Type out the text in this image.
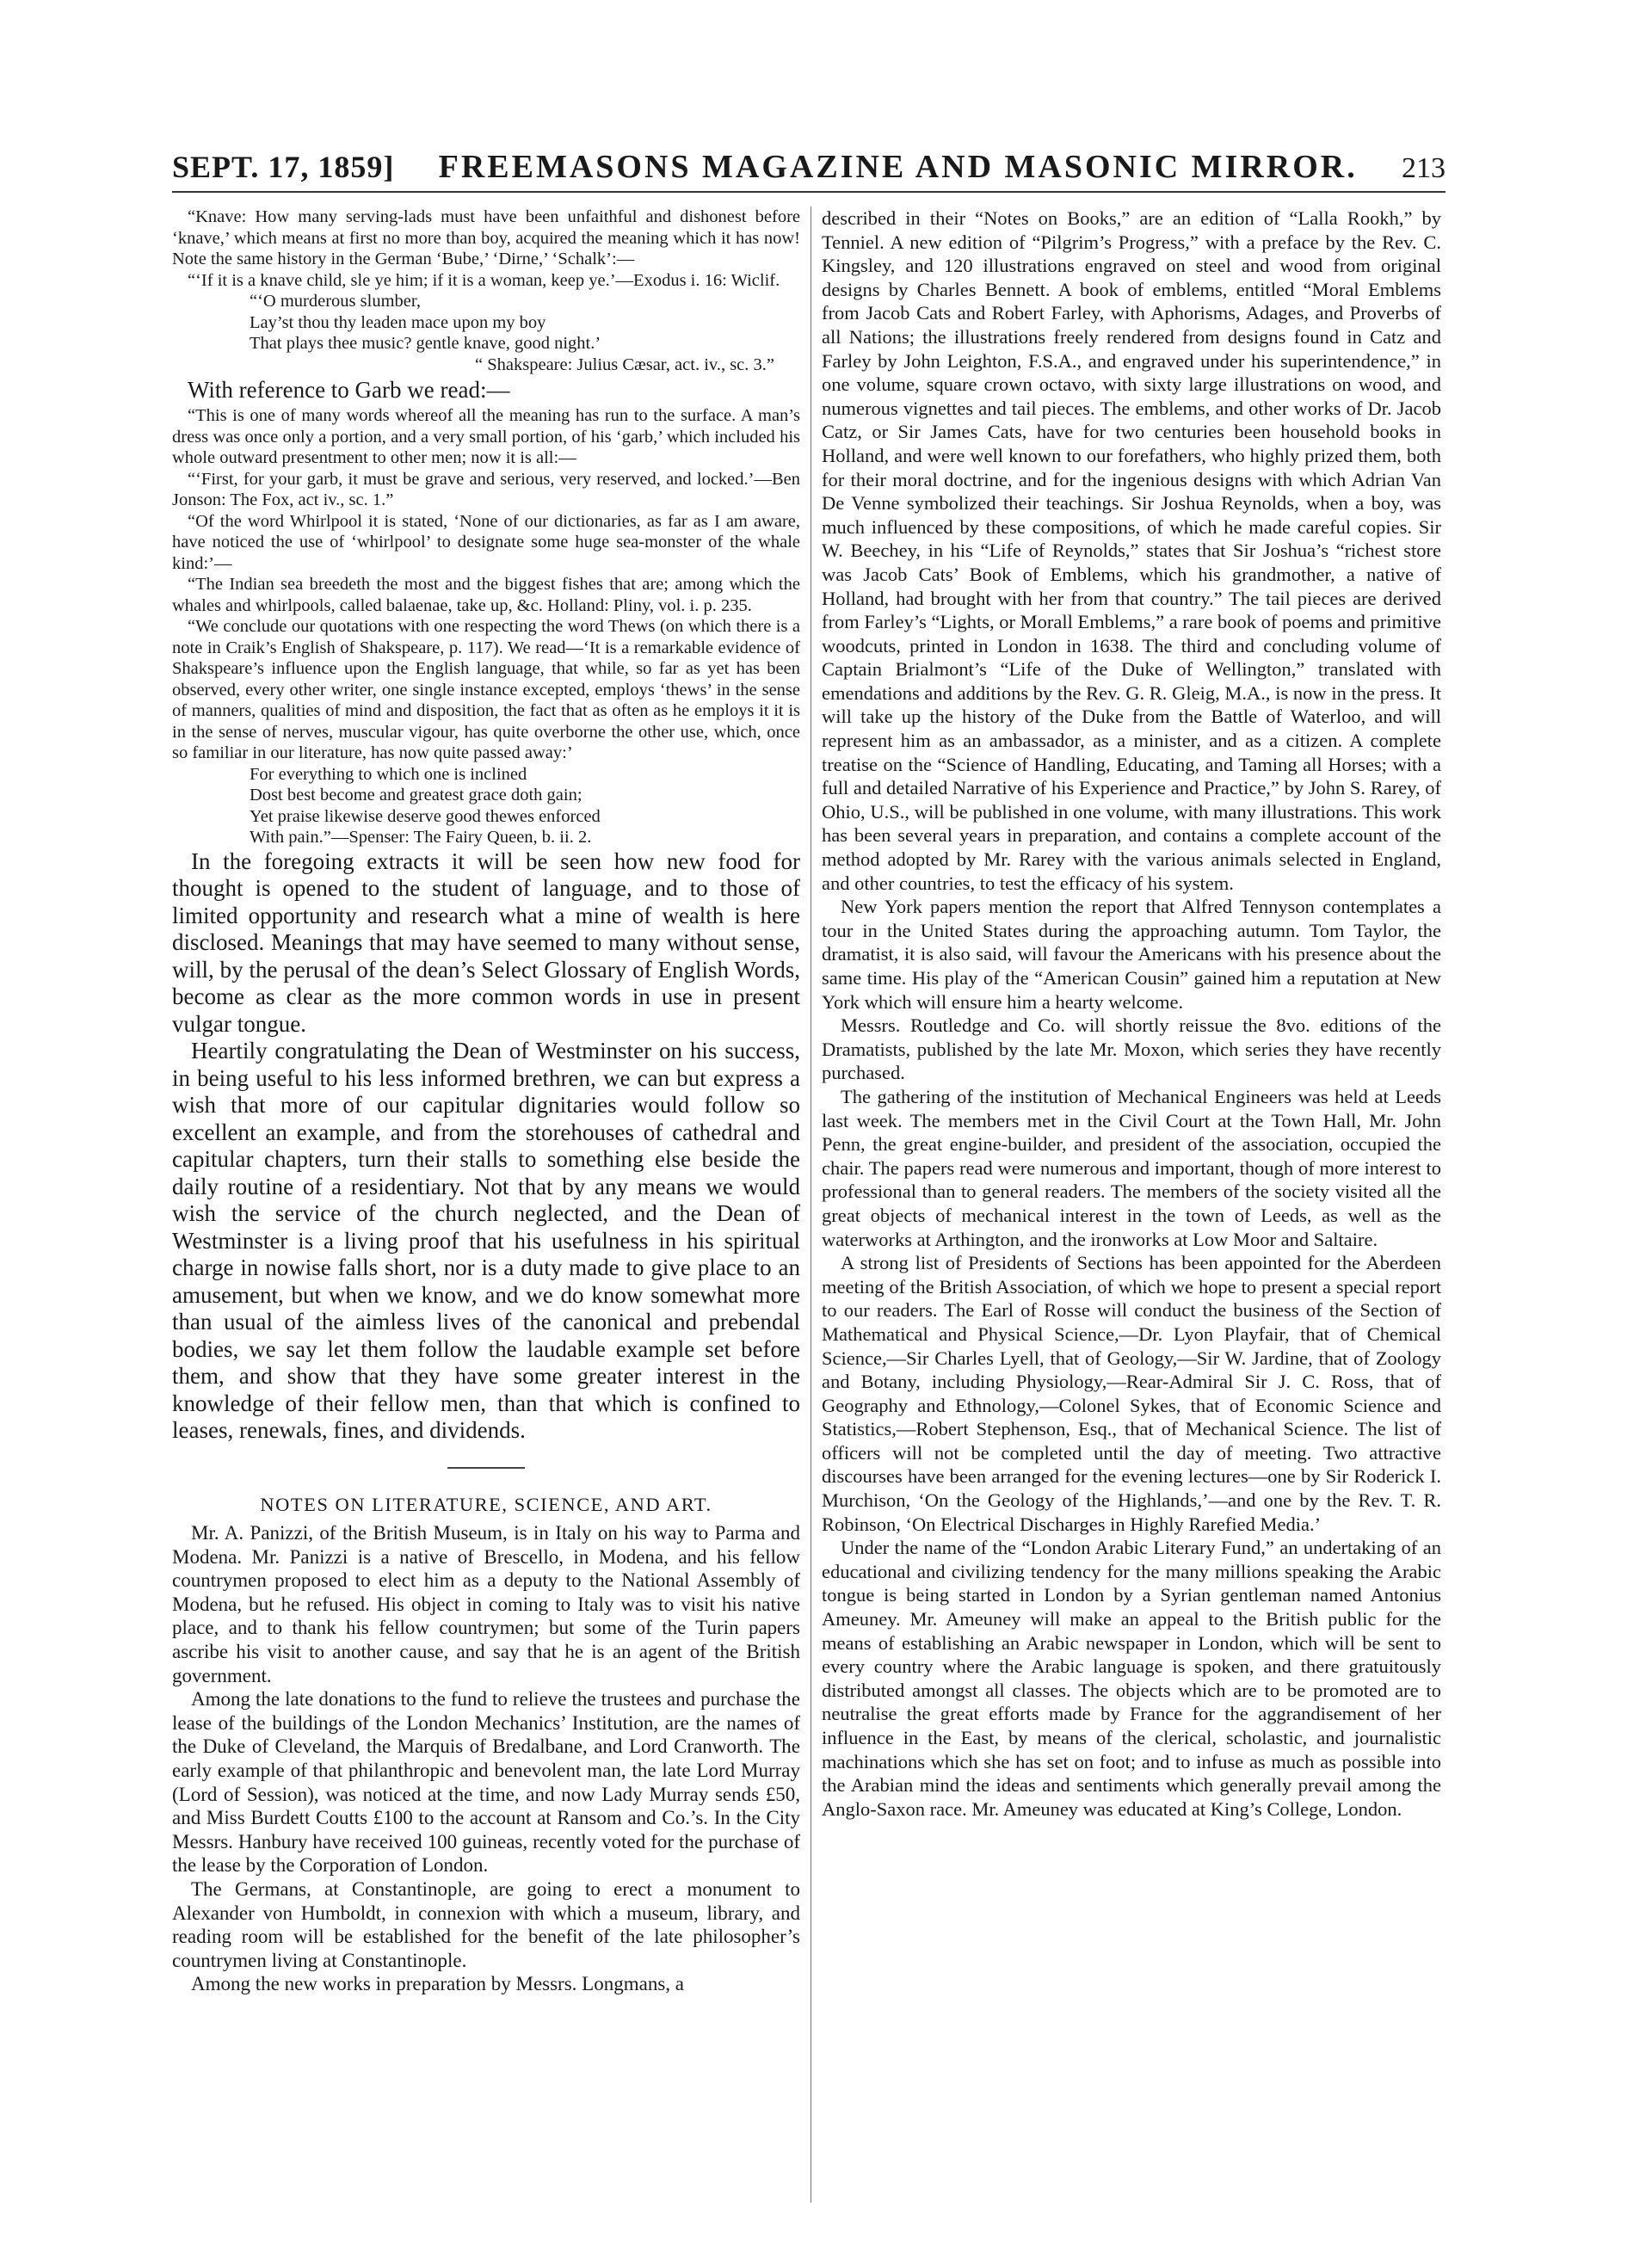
SEPT. 17, 1859] FREEMASONS MAGAZINE AND MASONIC MIRROR. 213

“Knave: How many serving-lads must have been unfaithful and dishonest before ‘knave,’ which means at first no more than boy, acquired the meaning which it has now! Note the same history in the German ‘Bube,’ ‘Dirne,’ ‘Schalk’:—

“‘If it is a knave child, sle ye him; if it is a woman, keep ye.’—Exodus i. 16: Wiclif.

“‘O murderous slumber,
Lay’st thou thy leaden mace upon my boy
That plays thee music? gentle knave, good night.’
“ Shakspeare: Julius Cæsar, act. iv., sc. 3.”

With reference to Garb we read:—

“This is one of many words whereof all the meaning has run to the surface. A man’s dress was once only a portion, and a very small portion, of his ‘garb,’ which included his whole outward presentment to other men; now it is all:—

“‘First, for your garb, it must be grave and serious, very reserved, and locked.’—Ben Jonson: The Fox, act iv., sc. 1.”

“Of the word Whirlpool it is stated, ‘None of our dictionaries, as far as I am aware, have noticed the use of ‘whirlpool’ to designate some huge sea-monster of the whale kind:’—

“The Indian sea breedeth the most and the biggest fishes that are; among which the whales and whirlpools, called balaenae, take up, &c. Holland: Pliny, vol. i. p. 235.

“We conclude our quotations with one respecting the word Thews (on which there is a note in Craik’s English of Shakspeare, p. 117). We read—‘It is a remarkable evidence of Shakspeare’s influence upon the English language, that while, so far as yet has been observed, every other writer, one single instance excepted, employs ‘thews’ in the sense of manners, qualities of mind and disposition, the fact that as often as he employs it it is in the sense of nerves, muscular vigour, has quite overborne the other use, which, once so familiar in our literature, has now quite passed away:’

For everything to which one is inclined
Dost best become and greatest grace doth gain;
Yet praise likewise deserve good thewes enforced
With pain.”—Spenser: The Fairy Queen, b. ii. 2.

In the foregoing extracts it will be seen how new food for thought is opened to the student of language, and to those of limited opportunity and research what a mine of wealth is here disclosed. Meanings that may have seemed to many without sense, will, by the perusal of the dean’s Select Glossary of English Words, become as clear as the more common words in use in present vulgar tongue.

Heartily congratulating the Dean of Westminster on his success, in being useful to his less informed brethren, we can but express a wish that more of our capitular dignitaries would follow so excellent an example, and from the storehouses of cathedral and capitular chapters, turn their stalls to something else beside the daily routine of a residentiary. Not that by any means we would wish the service of the church neglected, and the Dean of Westminster is a living proof that his usefulness in his spiritual charge in nowise falls short, nor is a duty made to give place to an amusement, but when we know, and we do know somewhat more than usual of the aimless lives of the canonical and prebendal bodies, we say let them follow the laudable example set before them, and show that they have some greater interest in the knowledge of their fellow men, than that which is confined to leases, renewals, fines, and dividends.

NOTES ON LITERATURE, SCIENCE, AND ART.

Mr. A. Panizzi, of the British Museum, is in Italy on his way to Parma and Modena. Mr. Panizzi is a native of Brescello, in Modena, and his fellow countrymen proposed to elect him as a deputy to the National Assembly of Modena, but he refused. His object in coming to Italy was to visit his native place, and to thank his fellow countrymen; but some of the Turin papers ascribe his visit to another cause, and say that he is an agent of the British government.

Among the late donations to the fund to relieve the trustees and purchase the lease of the buildings of the London Mechanics’ Institution, are the names of the Duke of Cleveland, the Marquis of Bredalbane, and Lord Cranworth. The early example of that philanthropic and benevolent man, the late Lord Murray (Lord of Session), was noticed at the time, and now Lady Murray sends £50, and Miss Burdett Coutts £100 to the account at Ransom and Co.’s. In the City Messrs. Hanbury have received 100 guineas, recently voted for the purchase of the lease by the Corporation of London.

The Germans, at Constantinople, are going to erect a monument to Alexander von Humboldt, in connexion with which a museum, library, and reading room will be established for the benefit of the late philosopher’s countrymen living at Constantinople.

Among the new works in preparation by Messrs. Longmans, a

described in their “Notes on Books,” are an edition of “Lalla Rookh,” by Tenniel. A new edition of “Pilgrim’s Progress,” with a preface by the Rev. C. Kingsley, and 120 illustrations engraved on steel and wood from original designs by Charles Bennett. A book of emblems, entitled “Moral Emblems from Jacob Cats and Robert Farley, with Aphorisms, Adages, and Proverbs of all Nations; the illustrations freely rendered from designs found in Catz and Farley by John Leighton, F.S.A., and engraved under his superintendence,” in one volume, square crown octavo, with sixty large illustrations on wood, and numerous vignettes and tail pieces. The emblems, and other works of Dr. Jacob Catz, or Sir James Cats, have for two centuries been household books in Holland, and were well known to our forefathers, who highly prized them, both for their moral doctrine, and for the ingenious designs with which Adrian Van De Venne symbolized their teachings. Sir Joshua Reynolds, when a boy, was much influenced by these compositions, of which he made careful copies. Sir W. Beechey, in his “Life of Reynolds,” states that Sir Joshua’s “richest store was Jacob Cats’ Book of Emblems, which his grandmother, a native of Holland, had brought with her from that country.” The tail pieces are derived from Farley’s “Lights, or Morall Emblems,” a rare book of poems and primitive woodcuts, printed in London in 1638. The third and concluding volume of Captain Brialmont’s “Life of the Duke of Wellington,” translated with emendations and additions by the Rev. G. R. Gleig, M.A., is now in the press. It will take up the history of the Duke from the Battle of Waterloo, and will represent him as an ambassador, as a minister, and as a citizen. A complete treatise on the “Science of Handling, Educating, and Taming all Horses; with a full and detailed Narrative of his Experience and Practice,” by John S. Rarey, of Ohio, U.S., will be published in one volume, with many illustrations. This work has been several years in preparation, and contains a complete account of the method adopted by Mr. Rarey with the various animals selected in England, and other countries, to test the efficacy of his system.

New York papers mention the report that Alfred Tennyson contemplates a tour in the United States during the approaching autumn. Tom Taylor, the dramatist, it is also said, will favour the Americans with his presence about the same time. His play of the “American Cousin” gained him a reputation at New York which will ensure him a hearty welcome.

Messrs. Routledge and Co. will shortly reissue the 8vo. editions of the Dramatists, published by the late Mr. Moxon, which series they have recently purchased.

The gathering of the institution of Mechanical Engineers was held at Leeds last week. The members met in the Civil Court at the Town Hall, Mr. John Penn, the great engine-builder, and president of the association, occupied the chair. The papers read were numerous and important, though of more interest to professional than to general readers. The members of the society visited all the great objects of mechanical interest in the town of Leeds, as well as the waterworks at Arthington, and the ironworks at Low Moor and Saltaire.

A strong list of Presidents of Sections has been appointed for the Aberdeen meeting of the British Association, of which we hope to present a special report to our readers. The Earl of Rosse will conduct the business of the Section of Mathematical and Physical Science,—Dr. Lyon Playfair, that of Chemical Science,—Sir Charles Lyell, that of Geology,—Sir W. Jardine, that of Zoology and Botany, including Physiology,—Rear-Admiral Sir J. C. Ross, that of Geography and Ethnology,—Colonel Sykes, that of Economic Science and Statistics,—Robert Stephenson, Esq., that of Mechanical Science. The list of officers will not be completed until the day of meeting. Two attractive discourses have been arranged for the evening lectures—one by Sir Roderick I. Murchison, ‘On the Geology of the Highlands,’—and one by the Rev. T. R. Robinson, ‘On Electrical Discharges in Highly Rarefied Media.’

Under the name of the “London Arabic Literary Fund,” an undertaking of an educational and civilizing tendency for the many millions speaking the Arabic tongue is being started in London by a Syrian gentleman named Antonius Ameuney. Mr. Ameuney will make an appeal to the British public for the means of establishing an Arabic newspaper in London, which will be sent to every country where the Arabic language is spoken, and there gratuitously distributed amongst all classes. The objects which are to be promoted are to neutralise the great efforts made by France for the aggrandisement of her influence in the East, by means of the clerical, scholastic, and journalistic machinations which she has set on foot; and to infuse as much as possible into the Arabian mind the ideas and sentiments which generally prevail among the Anglo-Saxon race. Mr. Ameuney was educated at King’s College, London.
